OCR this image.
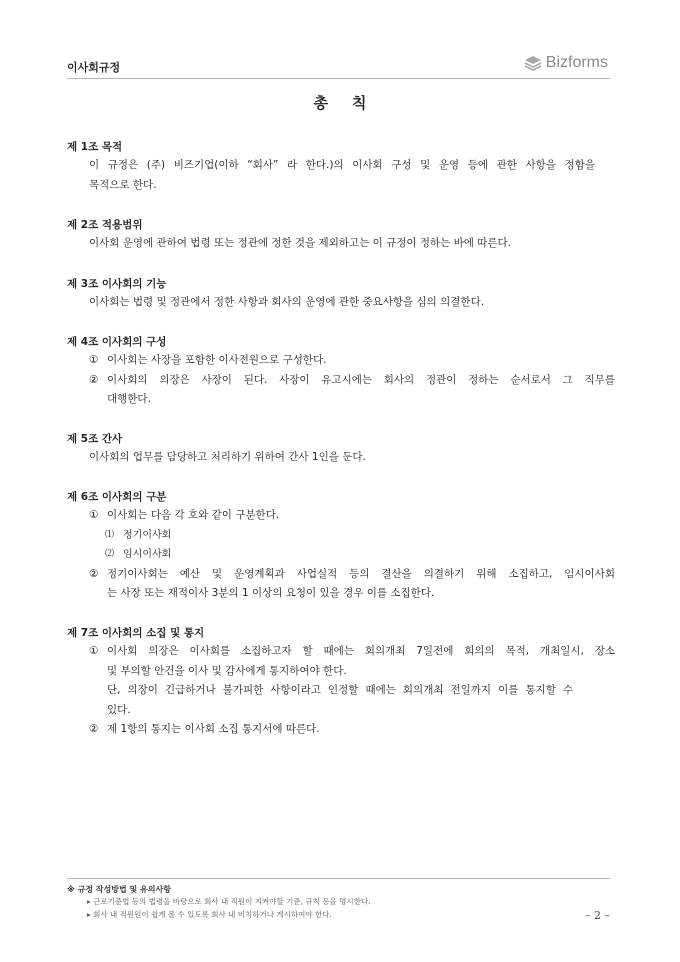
이사회규정	Bizforms
총칙
제 1조 목적
이 규정은 (주) 비즈기업(이하 “회사” 라 한다.)의 이사회 구성 및 운영 등에 관한 사항을 정함을
목적으로 한다.
제 2조 적용범위
이사회 운영에 관하여 법령 또는 정관에 정한 것을 제외하고는 이 규정이 정하는 바에 따른다.
제 3조 이사회의 기능
이사회는 법령 및 정관에서 정한 사항과 회사의 운영에 관한 중요사항을 심의 의결한다.
제 4조 이사회의 구성
① 이사회는 사장을 포함한 이사전원으로 구성한다.
② 이사회의 의장은 사장이 된다. 사장이 유고시에는 회사의 정관이 정하는 순서로서 그 직무를
대행한다.
제 5조 간사
이사회의 업무를 담당하고 처리하기 위하여 간사 1인을 둔다.
제 6조 이사회의 구분
① 이사회는 다음 각 호와 같이 구분한다.
⑴ 정기이사회
⑵ 임시이사회
② 정기이사회는 예산 및 운영계획과 사업실적 등의 결산을 의결하기 위해 소집하고, 임시이사회
는 사장 또는 재적이사 3분의 1 이상의 요청이 있을 경우 이를 소집한다.
제 7조 이사회의 소집 및 통지
① 이사회 의장은 이사회를 소집하고자 할 때에는 회의개최 7일전에 회의의 목적, 개최일시, 장소
및 부의할 안건을 이사 및 감사에게 통지하여야 한다.
단, 의장이 긴급하거나 불가피한 사항이라고 인정할 때에는 회의개최 전일까지 이를 통지할 수
있다.
② 제 1항의 통지는 이사회 소집 통지서에 따른다.
※ 규정 작성방법 및 유의사항
▸ 근로기준법 등의 법령을 바탕으로 회사 내 직원이 지켜야할 기준, 규칙 등을 명시한다.
▸ 회사 내 직원원이 쉽게 볼 수 있도록 회사 내 비치하거나 게시하여야 한다.	– 2 –
